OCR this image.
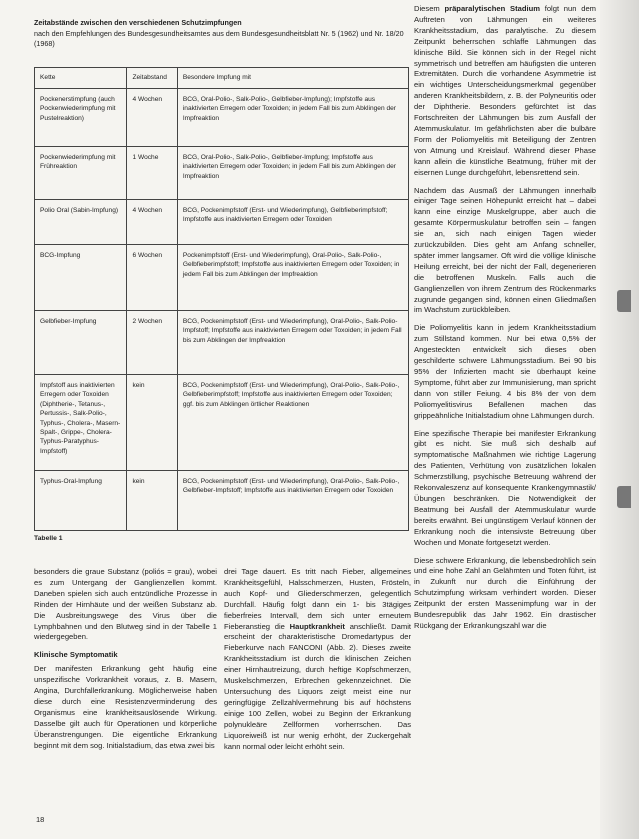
Zeitabstände zwischen den verschiedenen Schutzimpfungen
nach den Empfehlungen des Bundesgesundheitsamtes aus dem Bundesgesundheitsblatt Nr. 5 (1962) und Nr. 18/20 (1968)
Kette	Zeitabstand	Besondere Impfung mit
Pockenerstimpfung (auch Pockenwiederimpfung mit Pustelreaktion)	4 Wochen	BCG, Oral-Polio-, Salk-Polio-, Gelbfieber-Impfung); Impfstoffe aus inaktivierten Erregern oder Toxoiden; in jedem Fall bis zum Abklingen der Impfreaktion
Pockenwiederimpfung mit Frühreaktion	1 Woche	BCG, Oral-Polio-, Salk-Polio-, Gelbfieber-Impfung; Impfstoffe aus inaktivierten Erregern oder Toxoiden; in jedem Fall bis zum Abklingen der Impfreaktion
Polio Oral (Sabin-Impfung)	4 Wochen	BCG, Pockenimpfstoff (Erst- und Wiederimpfung), Gelbfieberimpfstoff; Impfstoffe aus inaktivierten Erregern oder Toxoiden
BCG-Impfung	6 Wochen	Pockenimpfstoff (Erst- und Wiederimpfung), Oral-Polio-, Salk-Polio-, Gelbfieberimpfstoff; Impfstoffe aus inaktivierten Erregern oder Toxoiden; in jedem Fall bis zum Abklingen der Impfreaktion
Gelbfieber-Impfung	2 Wochen	BCG, Pockenimpfstoff (Erst- und Wiederimpfung), Oral-Polio-, Salk-Polio-Impfstoff; Impfstoffe aus inaktivierten Erregern oder Toxoiden; in jedem Fall bis zum Abklingen der Impfreaktion
Impfstoff aus inaktivierten Erregern oder Toxoiden (Diphtherie-, Tetanus-, Pertussis-, Salk-Polio-, Typhus-, Cholera-, Masern-Spalt-, Grippe-, Cholera-Typhus-Paratyphus-Impfstoff)	kein	BCG, Pockenimpfstoff (Erst- und Wiederimpfung), Oral-Polio-, Salk-Polio-, Gelbfieberimpfstoff; Impfstoffe aus inaktivierten Erregern oder Toxoiden; ggf. bis zum Abklingen örtlicher Reaktionen
Typhus-Oral-Impfung	kein	BCG, Pockenimpfstoff (Erst- und Wiederimpfung), Oral-Polio-, Salk-Polio-, Gelbfieber-Impfstoff; Impfstoffe aus inaktivierten Erregern oder Toxoiden
Tabelle 1

besonders die graue Substanz (poliós = grau), wobei es zum Untergang der Ganglienzellen kommt. Daneben spielen sich auch entzündliche Prozesse in Rinden der Hirnhäute und der weißen Substanz ab. Die Ausbreitungswege des Virus über die Lymphbahnen und den Blutweg sind in der Tabelle 1 wiedergegeben.

Klinische Symptomatik

Der manifesten Erkrankung geht häufig eine unspezifische Vorkrankheit voraus, z. B. Masern, Angina, Durchfallerkrankung. Möglicherweise haben diese durch eine Resistenzverminderung des Organismus eine krankheitsauslösende Wirkung. Dasselbe gilt auch für Operationen und körperliche Überanstrengungen. Die eigentliche Erkrankung beginnt mit dem sog. Initialstadium, das etwa zwei bis

drei Tage dauert. Es tritt nach Fieber, allgemeines Krankheitsgefühl, Halsschmerzen, Husten, Frösteln, auch Kopf- und Gliederschmerzen, gelegentlich Durchfall. Häufig folgt dann ein 1- bis 3tägiges fieberfreies Intervall, dem sich unter erneutem Fieberanstieg die Hauptkrankheit anschließt. Damit erscheint der charakteristische Dromedartypus der Fieberkurve nach FANCONI (Abb. 2). Dieses zweite Krankheitsstadium ist durch die klinischen Zeichen einer Hirnhautreizung, durch heftige Kopfschmerzen, Muskelschmerzen, Erbrechen gekennzeichnet. Die Untersuchung des Liquors zeigt meist eine nur geringfügige Zellzahlvermehrung bis auf höchstens einige 100 Zellen, wobei zu Beginn der Erkrankung polynukleäre Zellformen vorherrschen. Das Liquoreiweiß ist nur wenig erhöht, der Zuckergehalt kann normal oder leicht erhöht sein.

Diesem präparalytischen Stadium folgt nun dem Auftreten von Lähmungen ein weiteres Krankheitsstadium, das paralytische. Zu diesem Zeitpunkt beherrschen schlaffe Lähmungen das klinische Bild. Sie können sich in der Regel nicht symmetrisch und betreffen am häufigsten die unteren Extremitäten. Durch die vorhandene Asymmetrie ist ein wichtiges Unterscheidungsmerkmal gegenüber anderen Krankheitsbildern, z. B. der Polyneuritis oder der Diphtherie. Besonders gefürchtet ist das Fortschreiten der Lähmungen bis zum Ausfall der Atemmuskulatur. Im gefährlichsten aber die bulbäre Form der Poliomyelitis mit Beteiligung der Zentren von Atmung und Kreislauf. Während dieser Phase kann allein die künstliche Beatmung, früher mit der eisernen Lunge durchgeführt, lebensrettend sein.

Nachdem das Ausmaß der Lähmungen innerhalb einiger Tage seinen Höhepunkt erreicht hat – dabei kann eine einzige Muskelgruppe, aber auch die gesamte Körpermuskulatur betroffen sein – fangen sie an, sich nach einigen Tagen wieder zurückzubilden. Dies geht am Anfang schneller, später immer langsamer. Oft wird die völlige klinische Heilung erreicht, bei der nicht der Fall, degenerieren die betroffenen Muskeln. Falls auch die Ganglienzellen von ihrem Zentrum des Rückenmarks zugrunde gegangen sind, können einen Gliedmaßen im Wachstum zurückbleiben.

Die Poliomyelitis kann in jedem Krankheitsstadium zum Stillstand kommen. Nur bei etwa 0,5% der Angesteckten entwickelt sich dieses oben geschilderte schwere Lähmungsstadium. Bei 90 bis 95% der Infizierten macht sie überhaupt keine Symptome, führt aber zur Immunisierung, man spricht dann von stiller Feiung. 4 bis 8% der von dem Poliomyelitisvirus Befallenen machen das grippeähnliche Initialstadium ohne Lähmungen durch.

Eine spezifische Therapie bei manifester Erkrankung gibt es nicht. Sie muß sich deshalb auf symptomatische Maßnahmen wie richtige Lagerung des Patienten, Verhütung von zusätzlichen lokalen Schmerzstillung, psychische Betreuung während der Rekonvaleszenz auf konsequente Krankengymnastik/Übungen beschränken. Die Notwendigkeit der Beatmung bei Ausfall der Atemmuskulatur wurde bereits erwähnt. Bei ungünstigem Verlauf können der Erkrankung noch die intensivste Betreuung über Wochen und Monate fortgesetzt werden.

Diese schwere Erkrankung, die lebensbedrohlich sein und eine hohe Zahl an Gelähmten und Toten führt, ist in Zukunft nur durch die Einführung der Schutzimpfung wirksam verhindert worden. Dieser Zeitpunkt der ersten Massenimpfung war in der Bundesrepublik das Jahr 1962. Ein drastischer Rückgang der Erkrankungszahl war die

18
